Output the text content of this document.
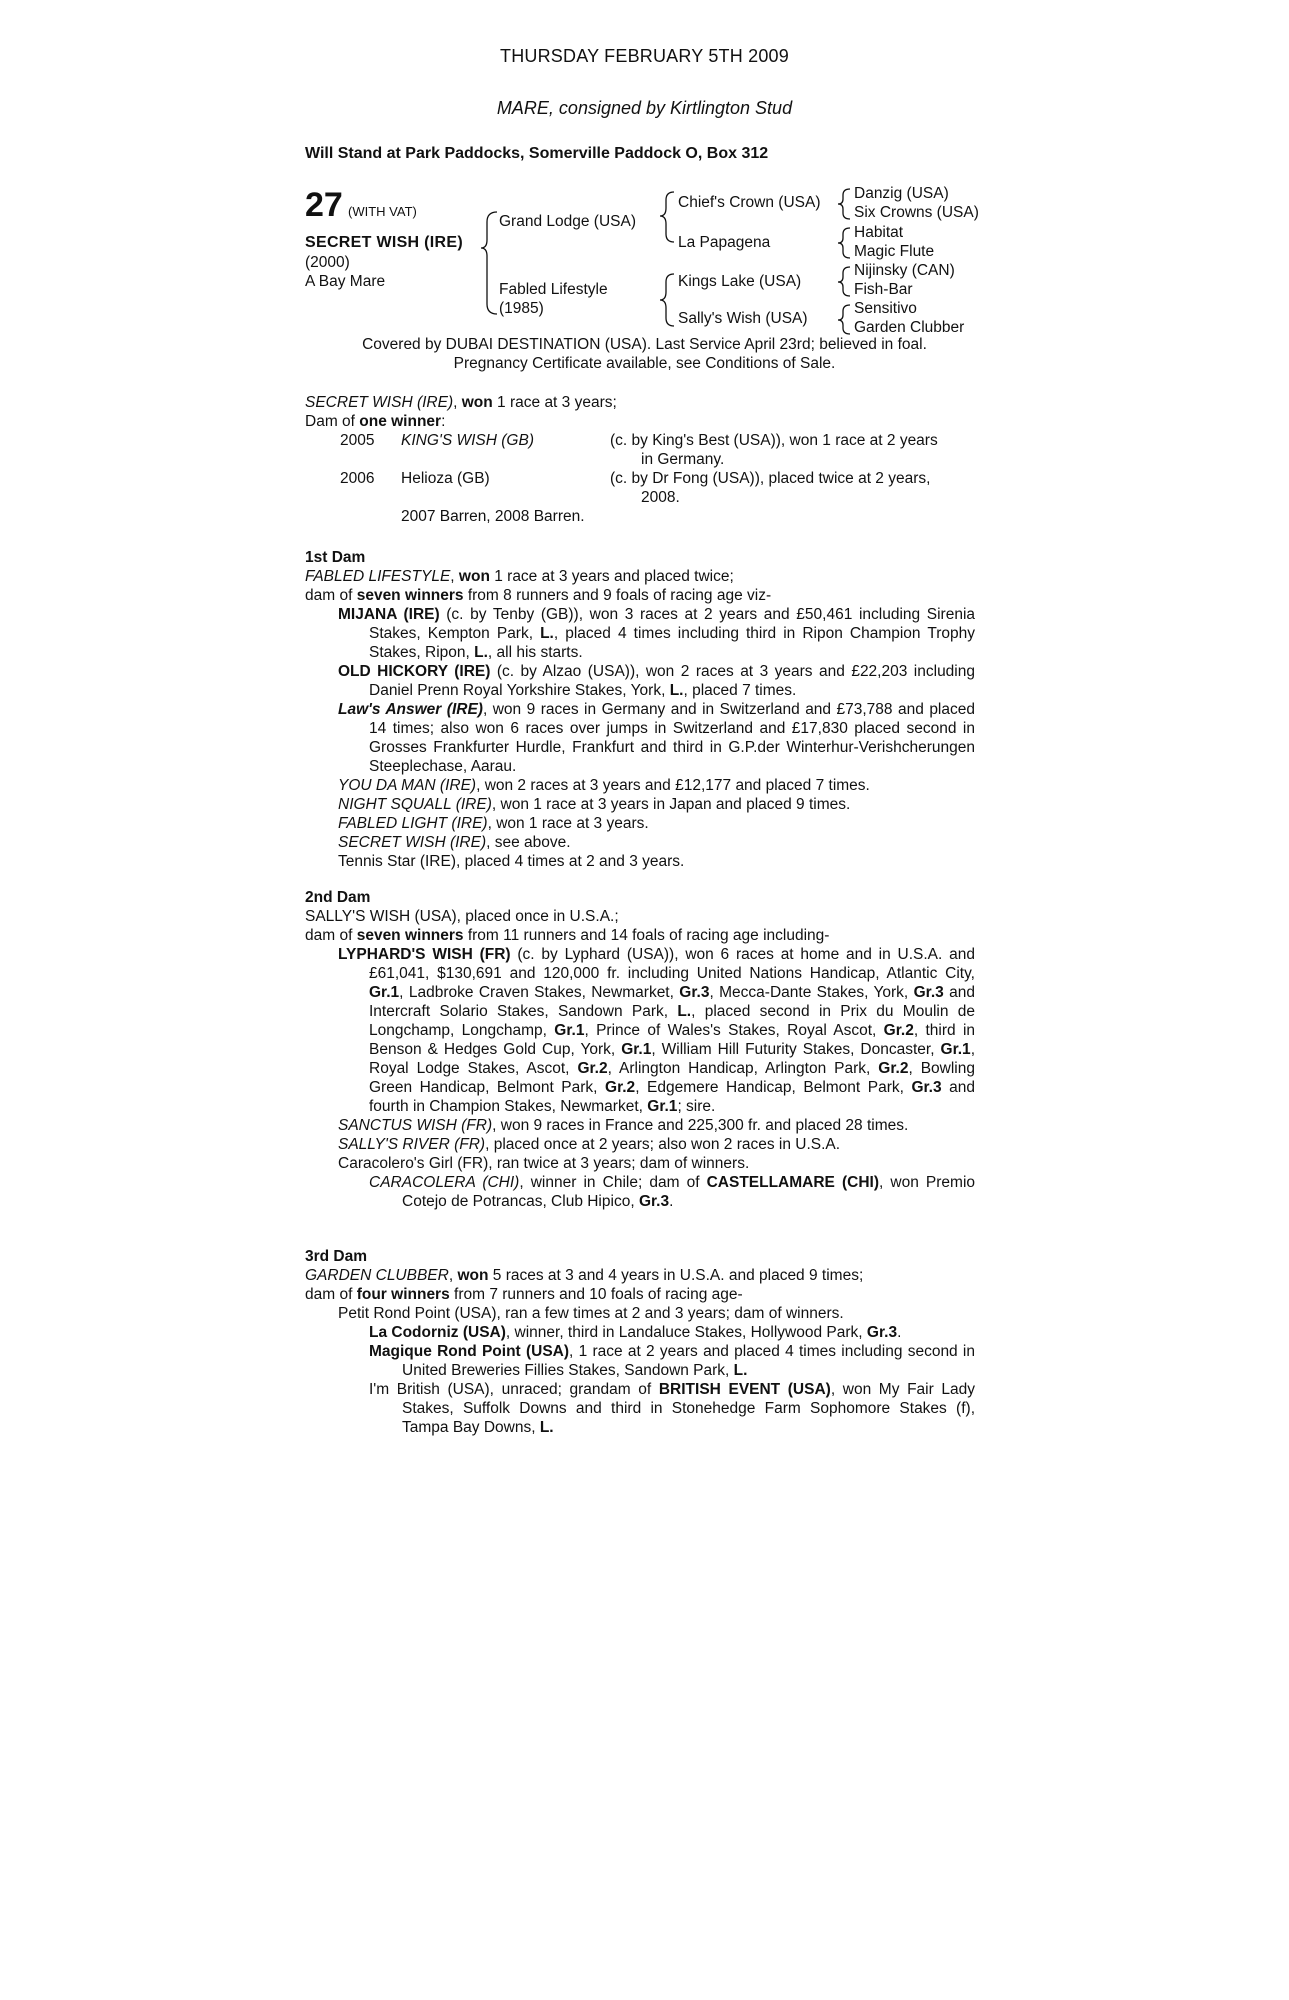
THURSDAY FEBRUARY 5TH 2009
MARE, consigned by Kirtlington Stud
Will Stand at Park Paddocks, Somerville Paddock O, Box 312
27 (WITH VAT)
SECRET WISH (IRE)
(2000)
A Bay Mare
Grand Lodge (USA)
Fabled Lifestyle
(1985)
Chief's Crown (USA)
La Papagena
Kings Lake (USA)
Sally's Wish (USA)
Danzig (USA)
Six Crowns (USA)
Habitat
Magic Flute
Nijinsky (CAN)
Fish-Bar
Sensitivo
Garden Clubber
Covered by DUBAI DESTINATION (USA). Last Service April 23rd; believed in foal.
Pregnancy Certificate available, see Conditions of Sale.

SECRET WISH (IRE), won 1 race at 3 years;

Dam of one winner:

2005 KING'S WISH (GB)	(c. by King's Best (USA)), won 1 race at 2 years
in Germany.
2006 Helioza (GB)	(c. by Dr Fong (USA)), placed twice at 2 years,
2008.
2007 Barren, 2008 Barren.

1st Dam

FABLED LIFESTYLE, won 1 race at 3 years and placed twice;

dam of seven winners from 8 runners and 9 foals of racing age viz-

MIJANA (IRE) (c. by Tenby (GB)), won 3 races at 2 years and £50,461 including Sirenia Stakes, Kempton Park, L., placed 4 times including third in Ripon Champion Trophy Stakes, Ripon, L., all his starts.

OLD HICKORY (IRE) (c. by Alzao (USA)), won 2 races at 3 years and £22,203 including Daniel Prenn Royal Yorkshire Stakes, York, L., placed 7 times.

Law's Answer (IRE), won 9 races in Germany and in Switzerland and £73,788 and placed 14 times; also won 6 races over jumps in Switzerland and £17,830 placed second in Grosses Frankfurter Hurdle, Frankfurt and third in G.P.der Winterhur-Verishcherungen Steeplechase, Aarau.

YOU DA MAN (IRE), won 2 races at 3 years and £12,177 and placed 7 times.

NIGHT SQUALL (IRE), won 1 race at 3 years in Japan and placed 9 times.

FABLED LIGHT (IRE), won 1 race at 3 years.

SECRET WISH (IRE), see above.

Tennis Star (IRE), placed 4 times at 2 and 3 years.

2nd Dam

SALLY'S WISH (USA), placed once in U.S.A.;

dam of seven winners from 11 runners and 14 foals of racing age including-

LYPHARD'S WISH (FR) (c. by Lyphard (USA)), won 6 races at home and in U.S.A. and £61,041, $130,691 and 120,000 fr. including United Nations Handicap, Atlantic City, Gr.1, Ladbroke Craven Stakes, Newmarket, Gr.3, Mecca-Dante Stakes, York, Gr.3 and Intercraft Solario Stakes, Sandown Park, L., placed second in Prix du Moulin de Longchamp, Longchamp, Gr.1, Prince of Wales's Stakes, Royal Ascot, Gr.2, third in Benson & Hedges Gold Cup, York, Gr.1, William Hill Futurity Stakes, Doncaster, Gr.1, Royal Lodge Stakes, Ascot, Gr.2, Arlington Handicap, Arlington Park, Gr.2, Bowling Green Handicap, Belmont Park, Gr.2, Edgemere Handicap, Belmont Park, Gr.3 and fourth in Champion Stakes, Newmarket, Gr.1; sire.

SANCTUS WISH (FR), won 9 races in France and 225,300 fr. and placed 28 times.

SALLY'S RIVER (FR), placed once at 2 years; also won 2 races in U.S.A.

Caracolero's Girl (FR), ran twice at 3 years; dam of winners.

CARACOLERA (CHI), winner in Chile; dam of CASTELLAMARE (CHI), won Premio Cotejo de Potrancas, Club Hipico, Gr.3.

3rd Dam

GARDEN CLUBBER, won 5 races at 3 and 4 years in U.S.A. and placed 9 times;

dam of four winners from 7 runners and 10 foals of racing age-

Petit Rond Point (USA), ran a few times at 2 and 3 years; dam of winners.

La Codorniz (USA), winner, third in Landaluce Stakes, Hollywood Park, Gr.3.

Magique Rond Point (USA), 1 race at 2 years and placed 4 times including second in United Breweries Fillies Stakes, Sandown Park, L.

I'm British (USA), unraced; grandam of BRITISH EVENT (USA), won My Fair Lady Stakes, Suffolk Downs and third in Stonehedge Farm Sophomore Stakes (f), Tampa Bay Downs, L.
